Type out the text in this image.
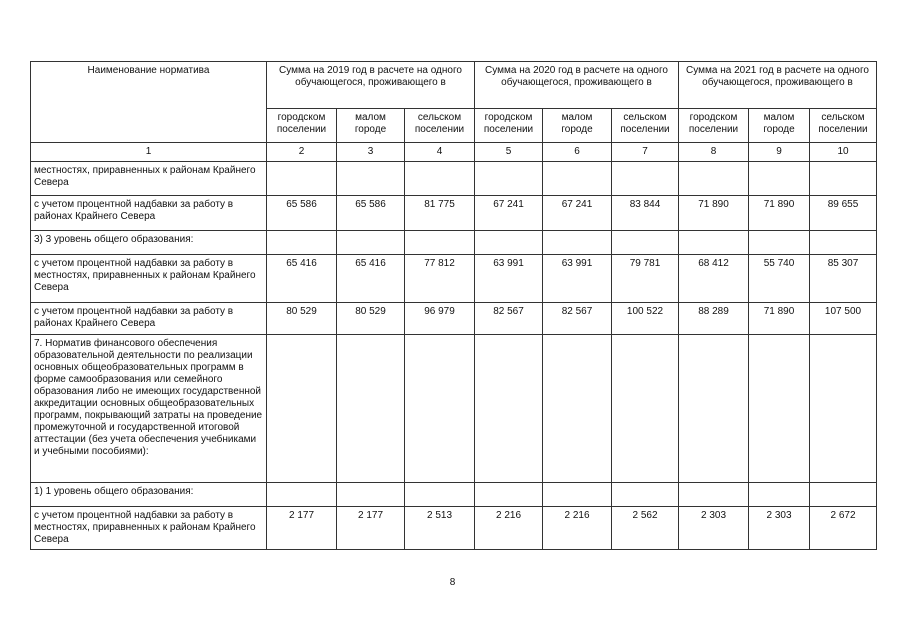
Наименование норматива	Сумма на 2019 год в расчете на одного обучающегося, проживающего в			Сумма на 2020 год в расчете на одного обучающегося, проживающего в			Сумма на 2021 год в расчете на одного обучающегося, проживающего в		
	городском поселении	малом городе	сельском поселении	городском поселении	малом городе	сельском поселении	городском поселении	малом городе	сельском поселении
1	2	3	4	5	6	7	8	9	10
местностях, приравненных к районам Крайнего Севера									
с учетом процентной надбавки за работу в районах Крайнего Севера	65 586	65 586	81 775	67 241	67 241	83 844	71 890	71 890	89 655
3) 3 уровень общего образования:									
с учетом процентной надбавки за работу в местностях, приравненных к районам Крайнего Севера	65 416	65 416	77 812	63 991	63 991	79 781	68 412	55 740	85 307
с учетом процентной надбавки за работу в районах Крайнего Севера	80 529	80 529	96 979	82 567	82 567	100 522	88 289	71 890	107 500
7. Норматив финансового обеспечения образовательной деятельности по реализации основных общеобразовательных программ в форме самообразования или семейного образования либо не имеющих государственной аккредитации основных общеобразовательных программ, покрывающий затраты на проведение промежуточной и государственной итоговой аттестации (без учета обеспечения учебниками и учебными пособиями):									
1) 1 уровень общего образования:									
с учетом процентной надбавки за работу в местностях, приравненных к районам Крайнего Севера	2 177	2 177	2 513	2 216	2 216	2 562	2 303	2 303	2 672
8
